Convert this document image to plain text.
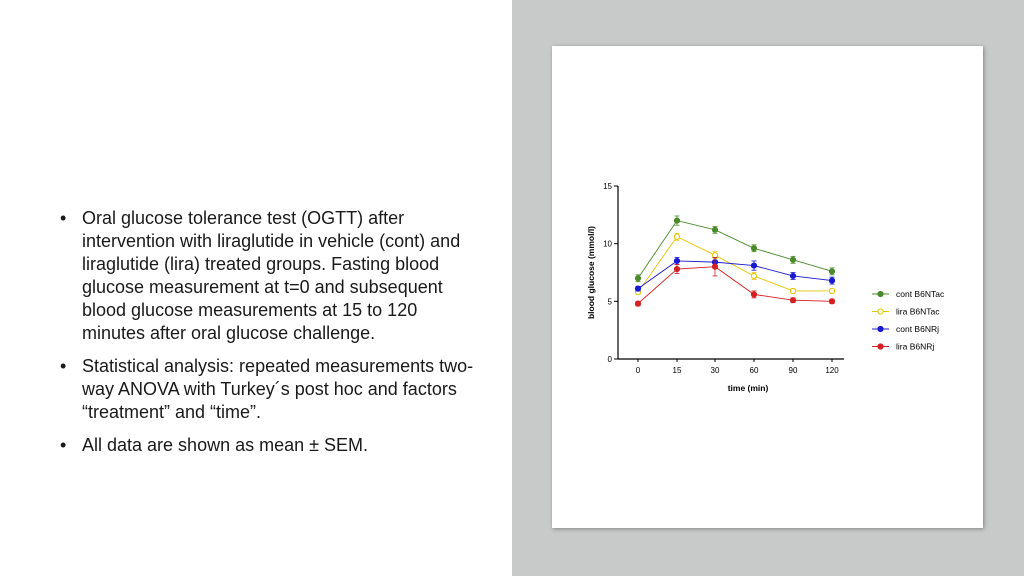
• Oral glucose tolerance test (OGTT) after intervention with liraglutide in vehicle (cont) and liraglutide (lira) treated groups. Fasting blood glucose measurement at t=0 and subsequent blood glucose measurements at 15 to 120 minutes after oral glucose challenge.
• Statistical analysis: repeated measurements two-way ANOVA with Turkey´s post hoc and factors “treatment” and “time”.
• All data are shown as mean ± SEM.
0
5
10
15
0	15	30	60	90	120
time (min)
blood glucose (mmol/l)	cont B6NTac
lira B6NTac
cont B6NRj
lira B6NRj
